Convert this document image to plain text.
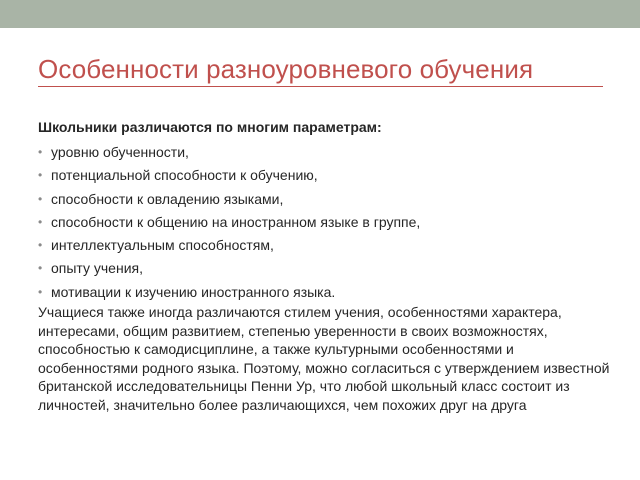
Особенности разноуровневого обучения

Школьники различаются по многим параметрам:

• уровню обученности,
• потенциальной способности к обучению,
• способности к овладению языками,
• способности к общению на иностранном языке в группе,
• интеллектуальным способностям,
• опыту учения,
• мотивации к изучению иностранного языка.

Учащиеся также иногда различаются стилем учения, особенностями характера, интересами, общим развитием, степенью уверенности в своих возможностях, способностью к самодисциплине, а также культурными особенностями и особенностями родного языка. Поэтому, можно согласиться с утверждением известной британской исследовательницы Пенни Ур, что любой школьный класс состоит из личностей, значительно более различающихся, чем похожих друг на друга
